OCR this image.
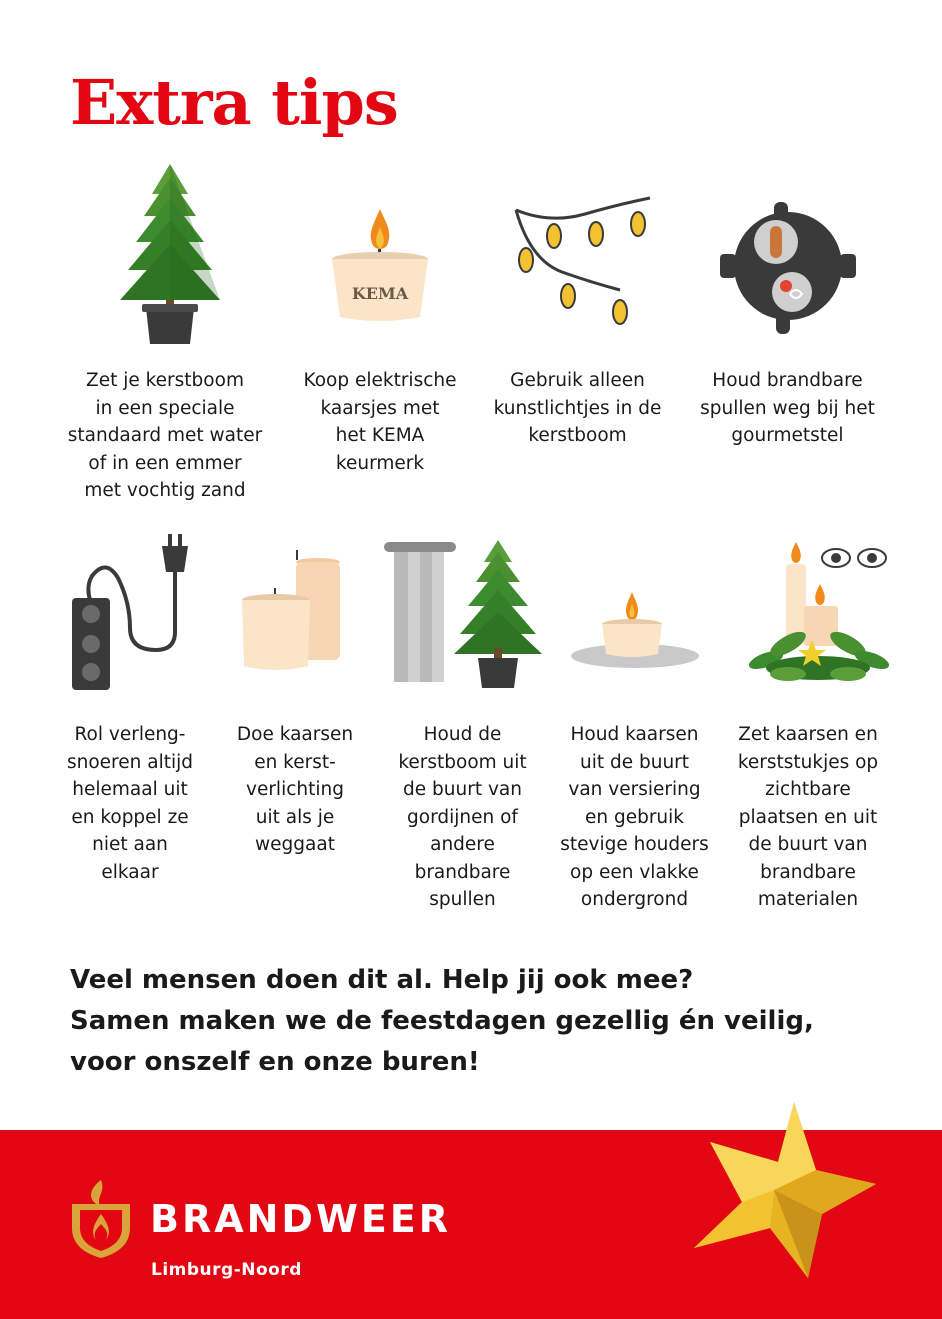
Extra tips
KEMA
Zet je kerstboom
in een speciale
standaard met water
of in een emmer
met vochtig zand
Koop elektrische
kaarsjes met
het KEMA
keurmerk
Gebruik alleen
kunstlichtjes in de
kerstboom
Houd brandbare
spullen weg bij het
gourmetstel
Rol verleng-
snoeren altijd
helemaal uit
en koppel ze
niet aan
elkaar
Doe kaarsen
en kerst-
verlichting
uit als je
weggaat
Houd de
kerstboom uit
de buurt van
gordijnen of
andere
brandbare
spullen
Houd kaarsen
uit de buurt
van versiering
en gebruik
stevige houders
op een vlakke
ondergrond
Zet kaarsen en
kerststukjes op
zichtbare
plaatsen en uit
de buurt van
brandbare
materialen
Veel mensen doen dit al. Help jij ook mee?
Samen maken we de feestdagen gezellig én veilig,
voor onszelf en onze buren!
BRANDWEER
Limburg-Noord
